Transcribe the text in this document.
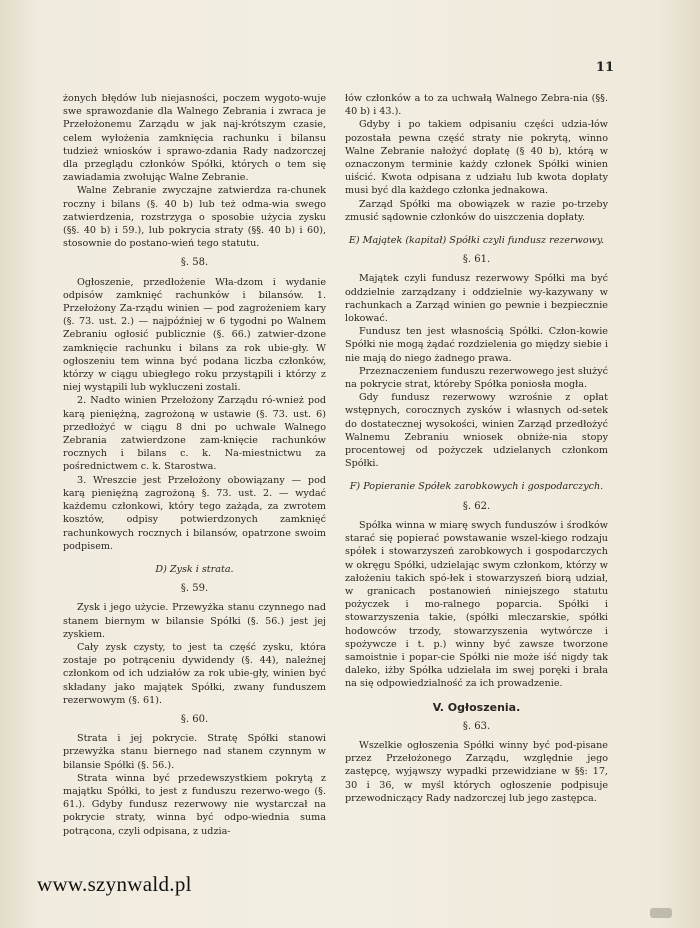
11

żonych błędów lub niejasności, poczem wygoto-wuje swe sprawozdanie dla Walnego Zebrania i zwraca je Przełożonemu Zarządu w jak naj-krótszym czasie, celem wyłożenia zamknięcia rachunku i bilansu tudzież wniosków i sprawo-zdania Rady nadzorczej dla przeglądu członków Spółki, których o tem się zawiadamia zwołując Walne Zebranie.

Walne Zebranie zwyczajne zatwierdza ra-chunek roczny i bilans (§. 40 b) lub też odma-wia swego zatwierdzenia, rozstrzyga o sposobie użycia zysku (§§. 40 b) i 59.), lub pokrycia straty (§§. 40 b) i 60), stosownie do postano-wień tego statutu.

§. 58.

Ogłoszenie, przedłożenie Wła-dzom i wydanie odpisów zamknięć rachunków i bilansów. 1. Przełożony Za-rządu winien — pod zagrożeniem kary (§. 73. ust. 2.) — najpóźniej w 6 tygodni po Walnem Zebraniu ogłosić publicznie (§. 66.) zatwier-dzone zamknięcie rachunku i bilans za rok ubie-gły. W ogłoszeniu tem winna być podana liczba członków, którzy w ciągu ubiegłego roku przystąpili i którzy z niej wystąpili lub wykluczeni zostali.

2. Nadto winien Przełożony Zarządu ró-wnież pod karą pieniężną, zagrożoną w ustawie (§. 73. ust. 6) przedłożyć w ciągu 8 dni po uchwale Walnego Zebrania zatwierdzone zam-knięcie rachunków rocznych i bilans c. k. Na-miestnictwu za pośrednictwem c. k. Starostwa.

3. Wreszcie jest Przełożony obowiązany — pod karą pieniężną zagrożoną §. 73. ust. 2. — wydać każdemu członkowi, który tego zażąda, za zwrotem kosztów, odpisy potwierdzonych zamknięć rachunkowych rocznych i bilansów, opatrzone swoim podpisem.

D) Zysk i strata.
§. 59.

Zysk i jego użycie. Przewyżka stanu czynnego nad stanem biernym w bilansie Spółki (§. 56.) jest jej zyskiem.

Cały zysk czysty, to jest ta część zysku, która zostaje po potrąceniu dywidendy (§. 44), należnej członkom od ich udziałów za rok ubie-gły, winien być składany jako majątek Spółki, zwany funduszem rezerwowym (§. 61).

§. 60.

Strata i jej pokrycie. Stratę Spółki stanowi przewyżka stanu biernego nad stanem czynnym w bilansie Spółki (§. 56.).

Strata winna być przedewszystkiem pokrytą z majątku Spółki, to jest z funduszu rezerwo-wego (§. 61.). Gdyby fundusz rezerwowy nie wystarczał na pokrycie straty, winna być odpo-wiednia suma potrącona, czyli odpisana, z udzia-

łów członków a to za uchwałą Walnego Zebra-nia (§§. 40 b) i 43.).

Gdyby i po takiem odpisaniu części udzia-łów pozostała pewna część straty nie pokrytą, winno Walne Zebranie nałożyć dopłatę (§ 40 b), którą w oznaczonym terminie każdy członek Spółki winien uiścić. Kwota odpisana z udziału lub kwota dopłaty musi być dla każdego członka jednakowa.

Zarząd Spółki ma obowiązek w razie po-trzeby zmusić sądownie członków do uiszczenia dopłaty.

E) Majątek (kapitał) Spółki czyli fundusz rezerwowy.
§. 61.

Majątek czyli fundusz rezerwowy Spółki ma być oddzielnie zarządzany i oddzielnie wy-kazywany w rachunkach a Zarząd winien go pewnie i bezpiecznie lokować.

Fundusz ten jest własnością Spółki. Człon-kowie Spółki nie mogą żądać rozdzielenia go między siebie i nie mają do niego żadnego prawa.

Przeznaczeniem funduszu rezerwowego jest służyć na pokrycie strat, któreby Spółka poniosła mogła.

Gdy fundusz rezerwowy wzrośnie z opłat wstępnych, corocznych zysków i własnych od-setek do dostatecznej wysokości, winien Zarząd przedłożyć Walnemu Zebraniu wniosek obniże-nia stopy procentowej od pożyczek udzielanych członkom Spółki.

F) Popieranie Spółek zarobkowych i gospodarczych.
§. 62.

Spółka winna w miarę swych funduszów i środków starać się popierać powstawanie wszel-kiego rodzaju spółek i stowarzyszeń zarobkowych i gospodarczych w okręgu Spółki, udzielając swym członkom, którzy w założeniu takich spó-łek i stowarzyszeń biorą udział, w granicach postanowień niniejszego statutu pożyczek i mo-ralnego poparcia. Spółki i stowarzyszenia takie, (spółki mleczarskie, spółki hodowców trzody, stowarzyszenia wytwórcze i spożywcze i t. p.) winny być zawsze tworzone samoistnie i popar-cie Spółki nie może iść nigdy tak daleko, iżby Spółka udzielała im swej poręki i brała na się odpowiedzialność za ich prowadzenie.

V. Ogłoszenia.
§. 63.

Wszelkie ogłoszenia Spółki winny być pod-pisane przez Przełożonego Zarządu, względnie jego zastępcę, wyjąwszy wypadki przewidziane w §§: 17, 30 i 36, w myśl których ogłoszenie podpisuje przewodniczący Rady nadzorczej lub jego zastępca.

www.szynwald.pl
